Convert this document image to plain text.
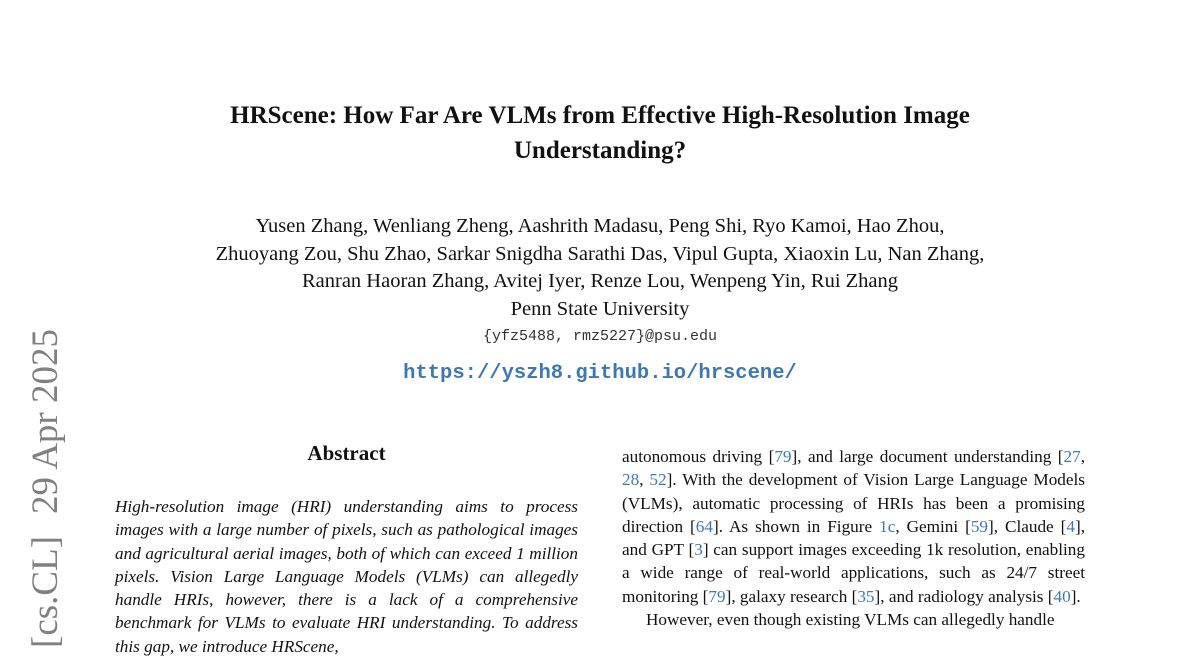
[cs.CL]29 Apr 2025
HRScene: How Far Are VLMs from Effective High-Resolution Image Understanding?
Yusen Zhang, Wenliang Zheng, Aashrith Madasu, Peng Shi, Ryo Kamoi, Hao Zhou,
Zhuoyang Zou, Shu Zhao, Sarkar Snigdha Sarathi Das, Vipul Gupta, Xiaoxin Lu, Nan Zhang,
Ranran Haoran Zhang, Avitej Iyer, Renze Lou, Wenpeng Yin, Rui Zhang
Penn State University
{yfz5488, rmz5227}@psu.edu
https://yszh8.github.io/hrscene/
Abstract
High-resolution image (HRI) understanding aims to process images with a large number of pixels, such as pathological images and agricultural aerial images, both of which can exceed 1 million pixels. Vision Large Language Models (VLMs) can allegedly handle HRIs, however, there is a lack of a comprehensive benchmark for VLMs to evaluate HRI understanding. To address this gap, we introduce HRScene,

autonomous driving [79], and large document understanding [27, 28, 52]. With the development of Vision Large Language Models (VLMs), automatic processing of HRIs has been a promising direction [64]. As shown in Figure 1c, Gemini [59], Claude [4], and GPT [3] can support images exceeding 1k resolution, enabling a wide range of real-world applications, such as 24/7 street monitoring [79], galaxy research [35], and radiology analysis [40].

However, even though existing VLMs can allegedly handle
